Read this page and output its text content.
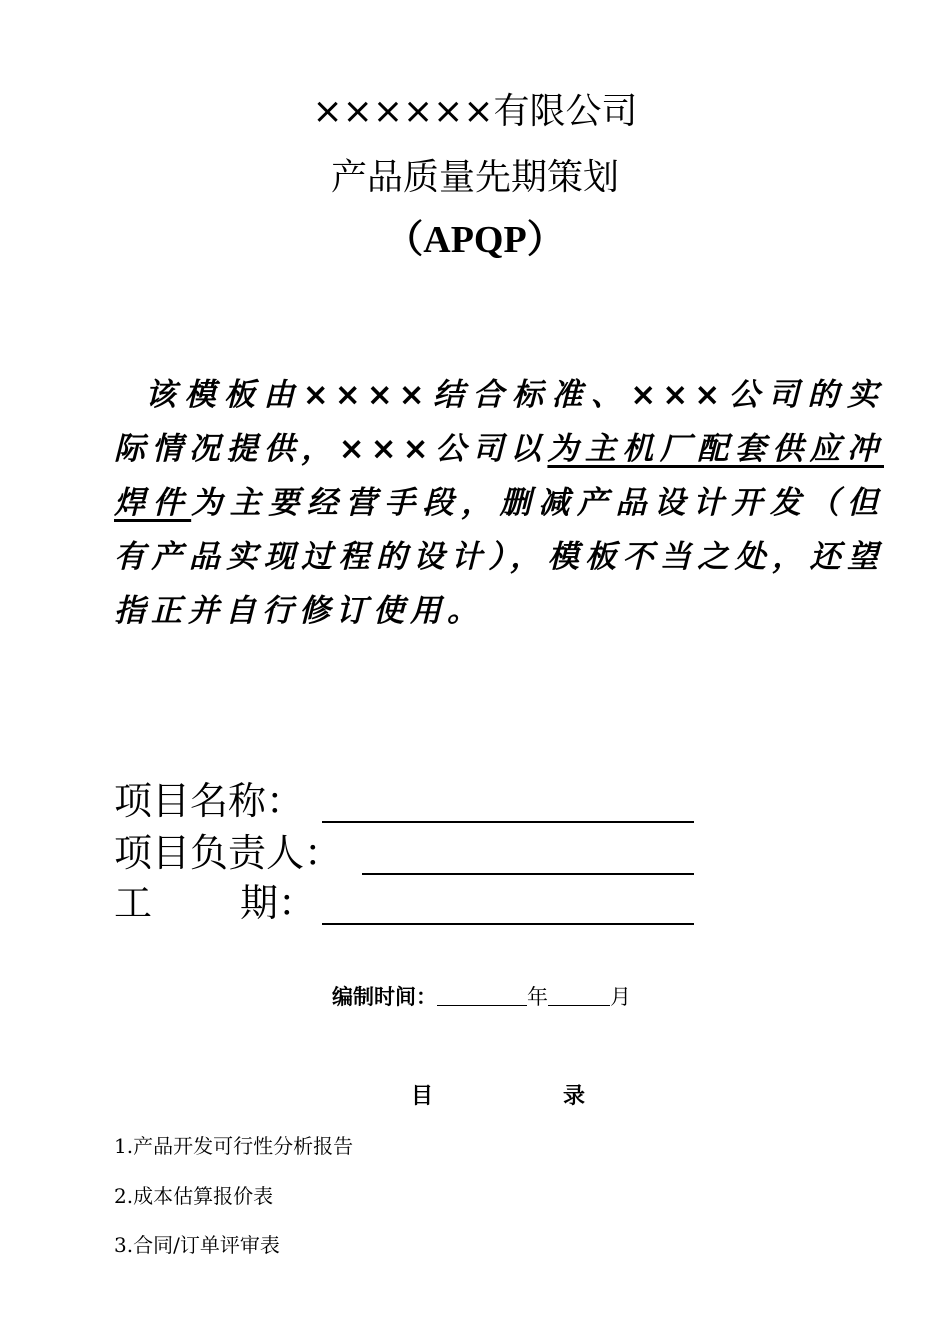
××××××有限公司
产品质量先期策划
（APQP）

该模板由××××结合标准、×××公司的实际情况提供，×××公司以为主机厂配套供应冲焊件为主要经营手段，删减产品设计开发（但有产品实现过程的设计），模板不当之处，还望指正并自行修订使用。

项目名称：
项目负责人：
工 期：
编制时间：	年	月
目	录
1.产品开发可行性分析报告
2.成本估算报价表
3.合同/订单评审表
